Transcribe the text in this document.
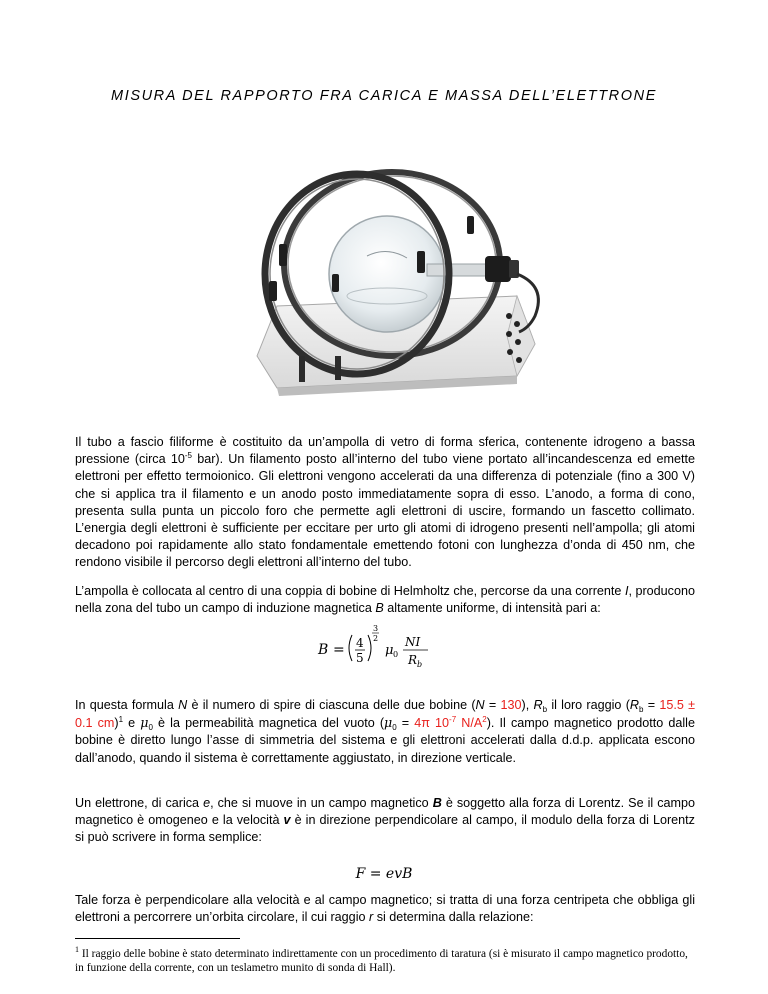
MISURA DEL RAPPORTO FRA CARICA E MASSA DELL’ELETTRONE
Il tubo a fascio filiforme è costituito da un’ampolla di vetro di forma sferica, contenente idrogeno a bassa pressione (circa $10^{-5}$ bar). Un filamento posto all’interno del tubo viene portato all’incandescenza ed emette elettroni per effetto termoionico. Gli elettroni vengono accelerati da una differenza di potenziale (fino a 300 V) che si applica tra il filamento e un anodo posto immediatamente sopra di esso. L’anodo, a forma di cono, presenta sulla punta un piccolo foro che permette agli elettroni di uscire, formando un fascetto collimato. L’energia degli elettroni è sufficiente per eccitare per urto gli atomi di idrogeno presenti nell’ampolla; gli atomi decadono poi rapidamente allo stato fondamentale emettendo fotoni con lunghezza d’onda di 450 nm, che rendono visibile il percorso degli elettroni all’interno del tubo.
L’ampolla è collocata al centro di una coppia di bobine di Helmholtz che, percorse da una corrente I, producono nella zona del tubo un campo di induzione magnetica B altamente uniforme, di intensità pari a:
B = 4
5
3
2
μ 0
NI
R b
In questa formula N è il numero di spire di ciascuna delle due bobine (N = 130), $R_b$ il loro raggio ($R_b = 15.5 \pm 0.1$ cm)$^1$ e $\mu_0$ è la permeabilità magnetica del vuoto ($\mu_0 = 4\pi$ $10^{-7}$ $N/A^2$). Il campo magnetico prodotto dalle bobine è diretto lungo l’asse di simmetria del sistema e gli elettroni accelerati dalla d.d.p. applicata escono dall’anodo, quando il sistema è correttamente aggiustato, in direzione verticale.
Un elettrone, di carica e, che si muove in un campo magnetico B è soggetto alla forza di Lorentz. Se il campo magnetico è omogeneo e la velocità v è in direzione perpendicolare al campo, il modulo della forza di Lorentz si può scrivere in forma semplice:
F = evB
Tale forza è perpendicolare alla velocità e al campo magnetico; si tratta di una forza centripeta che obbliga gli elettroni a percorrere un’orbita circolare, il cui raggio r si determina dalla relazione:
$^1$ Il raggio delle bobine è stato determinato indirettamente con un procedimento di taratura (si è misurato il campo magnetico prodotto, in funzione della corrente, con un teslametro munito di sonda di Hall).
